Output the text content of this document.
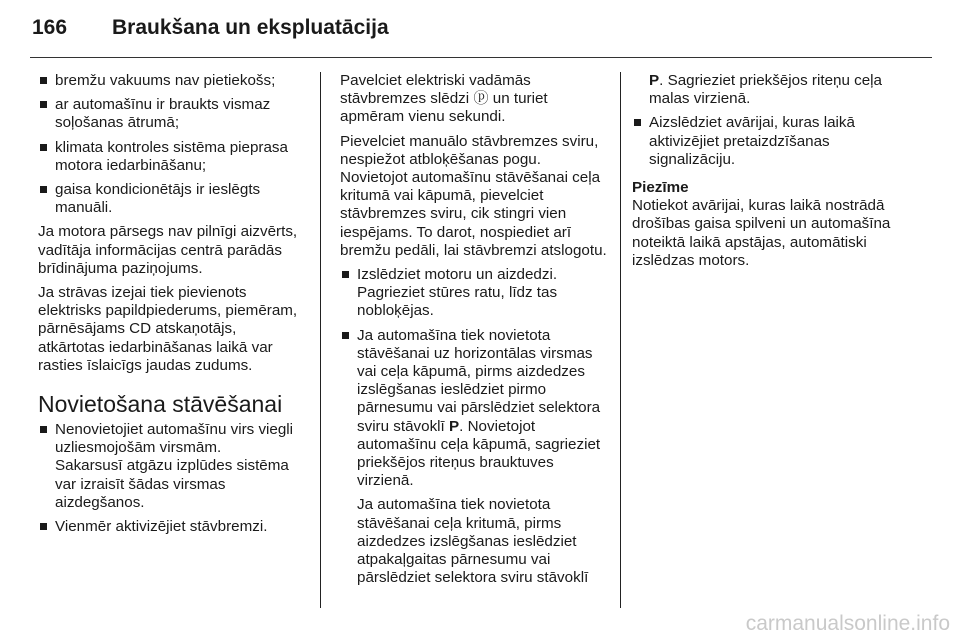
166 Braukšana un ekspluatācija
bremžu vakuums nav pietiekošs;
ar automašīnu ir braukts vismaz soļošanas ātrumā;
klimata kontroles sistēma pieprasa motora iedarbināšanu;
gaisa kondicionētājs ir ieslēgts manuāli.
Ja motora pārsegs nav pilnīgi aizvērts, vadītāja informācijas centrā parādās brīdinājuma paziņojums.
Ja strāvas izejai tiek pievienots elektrisks papildpiederums, piemēram, pārnēsājams CD atskaņotājs, atkārtotas iedarbināšanas laikā var rasties īslaicīgs jaudas zudums.
Novietošana stāvēšanai
Nenovietojiet automašīnu virs viegli uzliesmojošām virsmām.
Sakarsusī atgāzu izplūdes sistēma var izraisīt šādas virsmas aizdegšanos.
Vienmēr aktivizējiet stāvbremzi.
Pavelciet elektriski vadāmās stāvbremzes slēdzi ⓟ un turiet apmēram vienu sekundi.
Pievelciet manuālo stāvbremzes sviru, nespiežot atbloķēšanas pogu. Novietojot automašīnu stāvēšanai ceļa kritumā vai kāpumā, pievelciet stāvbremzes sviru, cik stingri vien iespējams. To darot, nospiediet arī bremžu pedāli, lai stāvbremzi atslogotu.
Izslēdziet motoru un aizdedzi. Pagrieziet stūres ratu, līdz tas nobloķējas.
Ja automašīna tiek novietota stāvēšanai uz horizontālas virsmas vai ceļa kāpumā, pirms aizdedzes izslēgšanas ieslēdziet pirmo pārnesumu vai pārslēdziet selektora sviru stāvoklī P. Novietojot automašīnu ceļa kāpumā, sagrieziet priekšējos riteņus brauktuves virzienā.
Ja automašīna tiek novietota stāvēšanai ceļa kritumā, pirms aizdedzes izslēgšanas ieslēdziet atpakaļgaitas pārnesumu vai pārslēdziet selektora sviru stāvoklī
P. Sagrieziet priekšējos riteņu ceļa malas virzienā.
Aizslēdziet avārijai, kuras laikā aktivizējiet pretaizdzīšanas signalizāciju.
Piezīme
Notiekot avārijai, kuras laikā nostrādā drošības gaisa spilveni un automašīna noteiktā laikā apstājas, automātiski izslēdzas motors.
carmanualsonline.info
